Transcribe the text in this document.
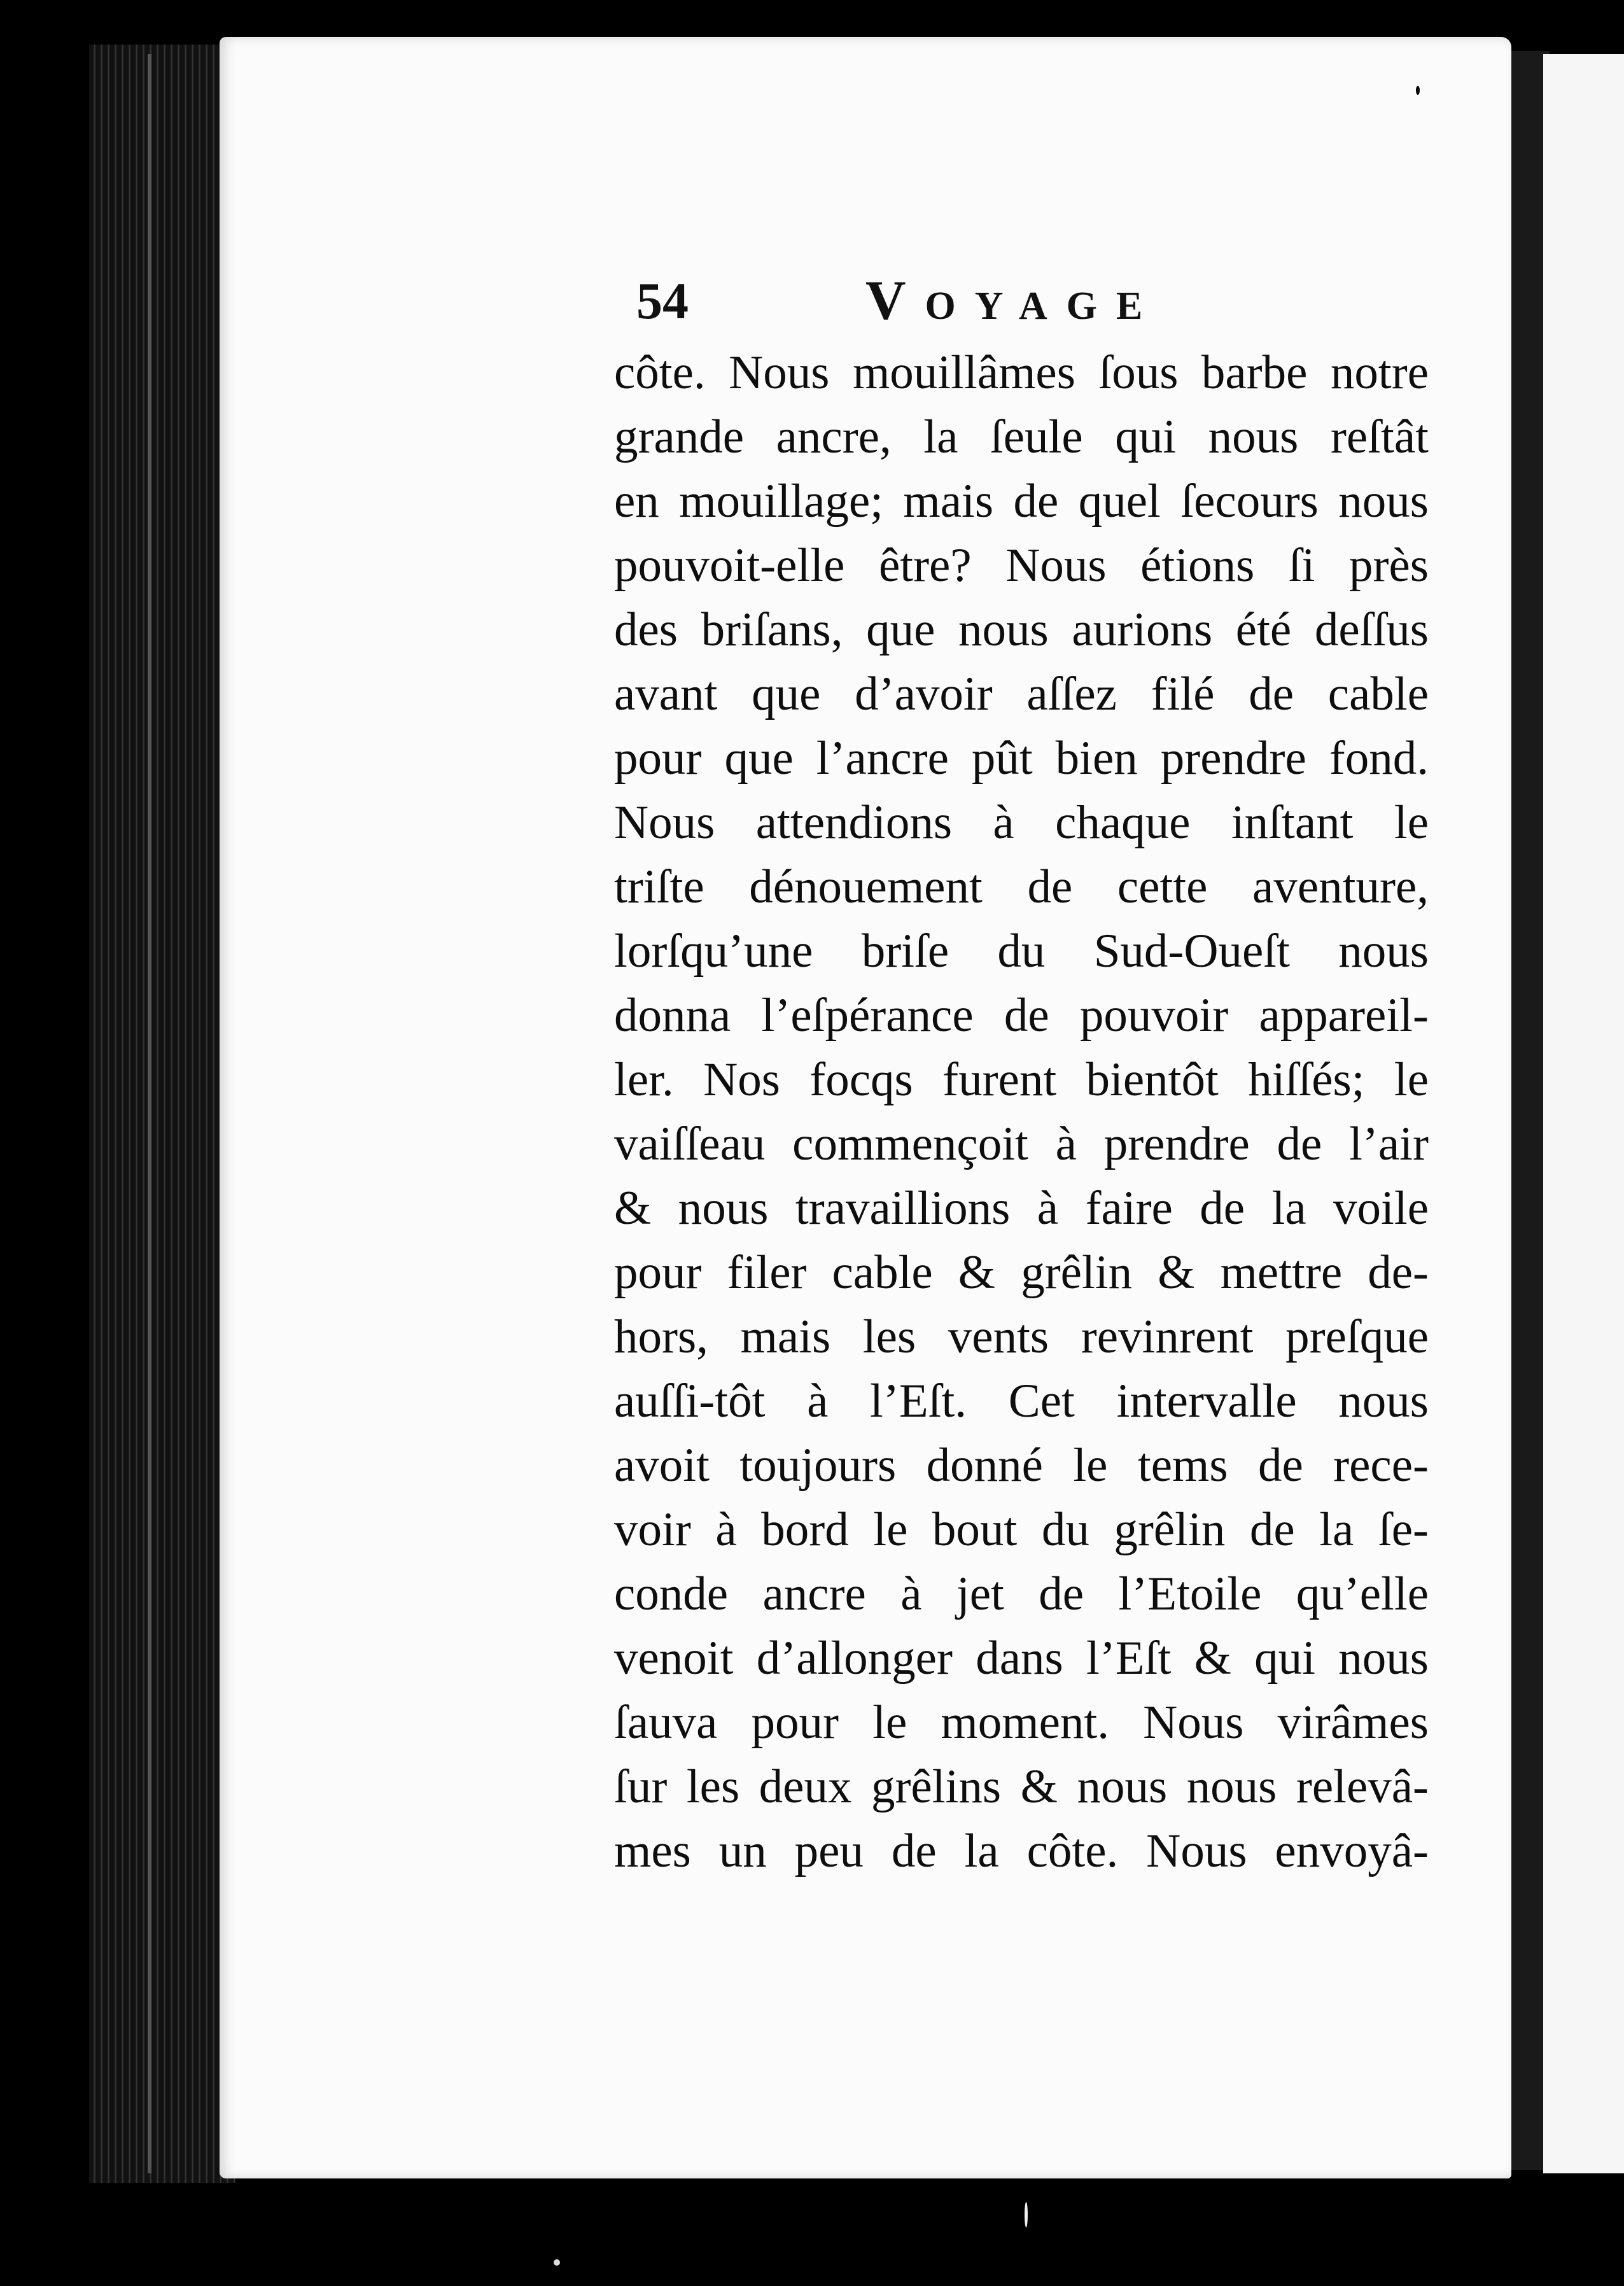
54	Voyage
côte. Nous mouillâmes ſous barbe notre
grande ancre, la ſeule qui nous reſtât
en mouillage; mais de quel ſecours nous
pouvoit-elle être? Nous étions ſi près
des briſans, que nous aurions été deſſus
avant que d’avoir aſſez filé de cable
pour que l’ancre pût bien prendre fond.
Nous attendions à chaque inſtant le
triſte dénouement de cette aventure,
lorſqu’une briſe du Sud-Oueſt nous
donna l’eſpérance de pouvoir appareil-
ler. Nos focqs furent bientôt hiſſés; le
vaiſſeau commençoit à prendre de l’air
& nous travaillions à faire de la voile
pour filer cable & grêlin & mettre de-
hors, mais les vents revinrent preſque
auſſi-tôt à l’Eſt. Cet intervalle nous
avoit toujours donné le tems de rece-
voir à bord le bout du grêlin de la ſe-
conde ancre à jet de l’Etoile qu’elle
venoit d’allonger dans l’Eſt & qui nous
ſauva pour le moment. Nous virâmes
ſur les deux grêlins & nous nous relevâ-
mes un peu de la côte. Nous envoyâ-
